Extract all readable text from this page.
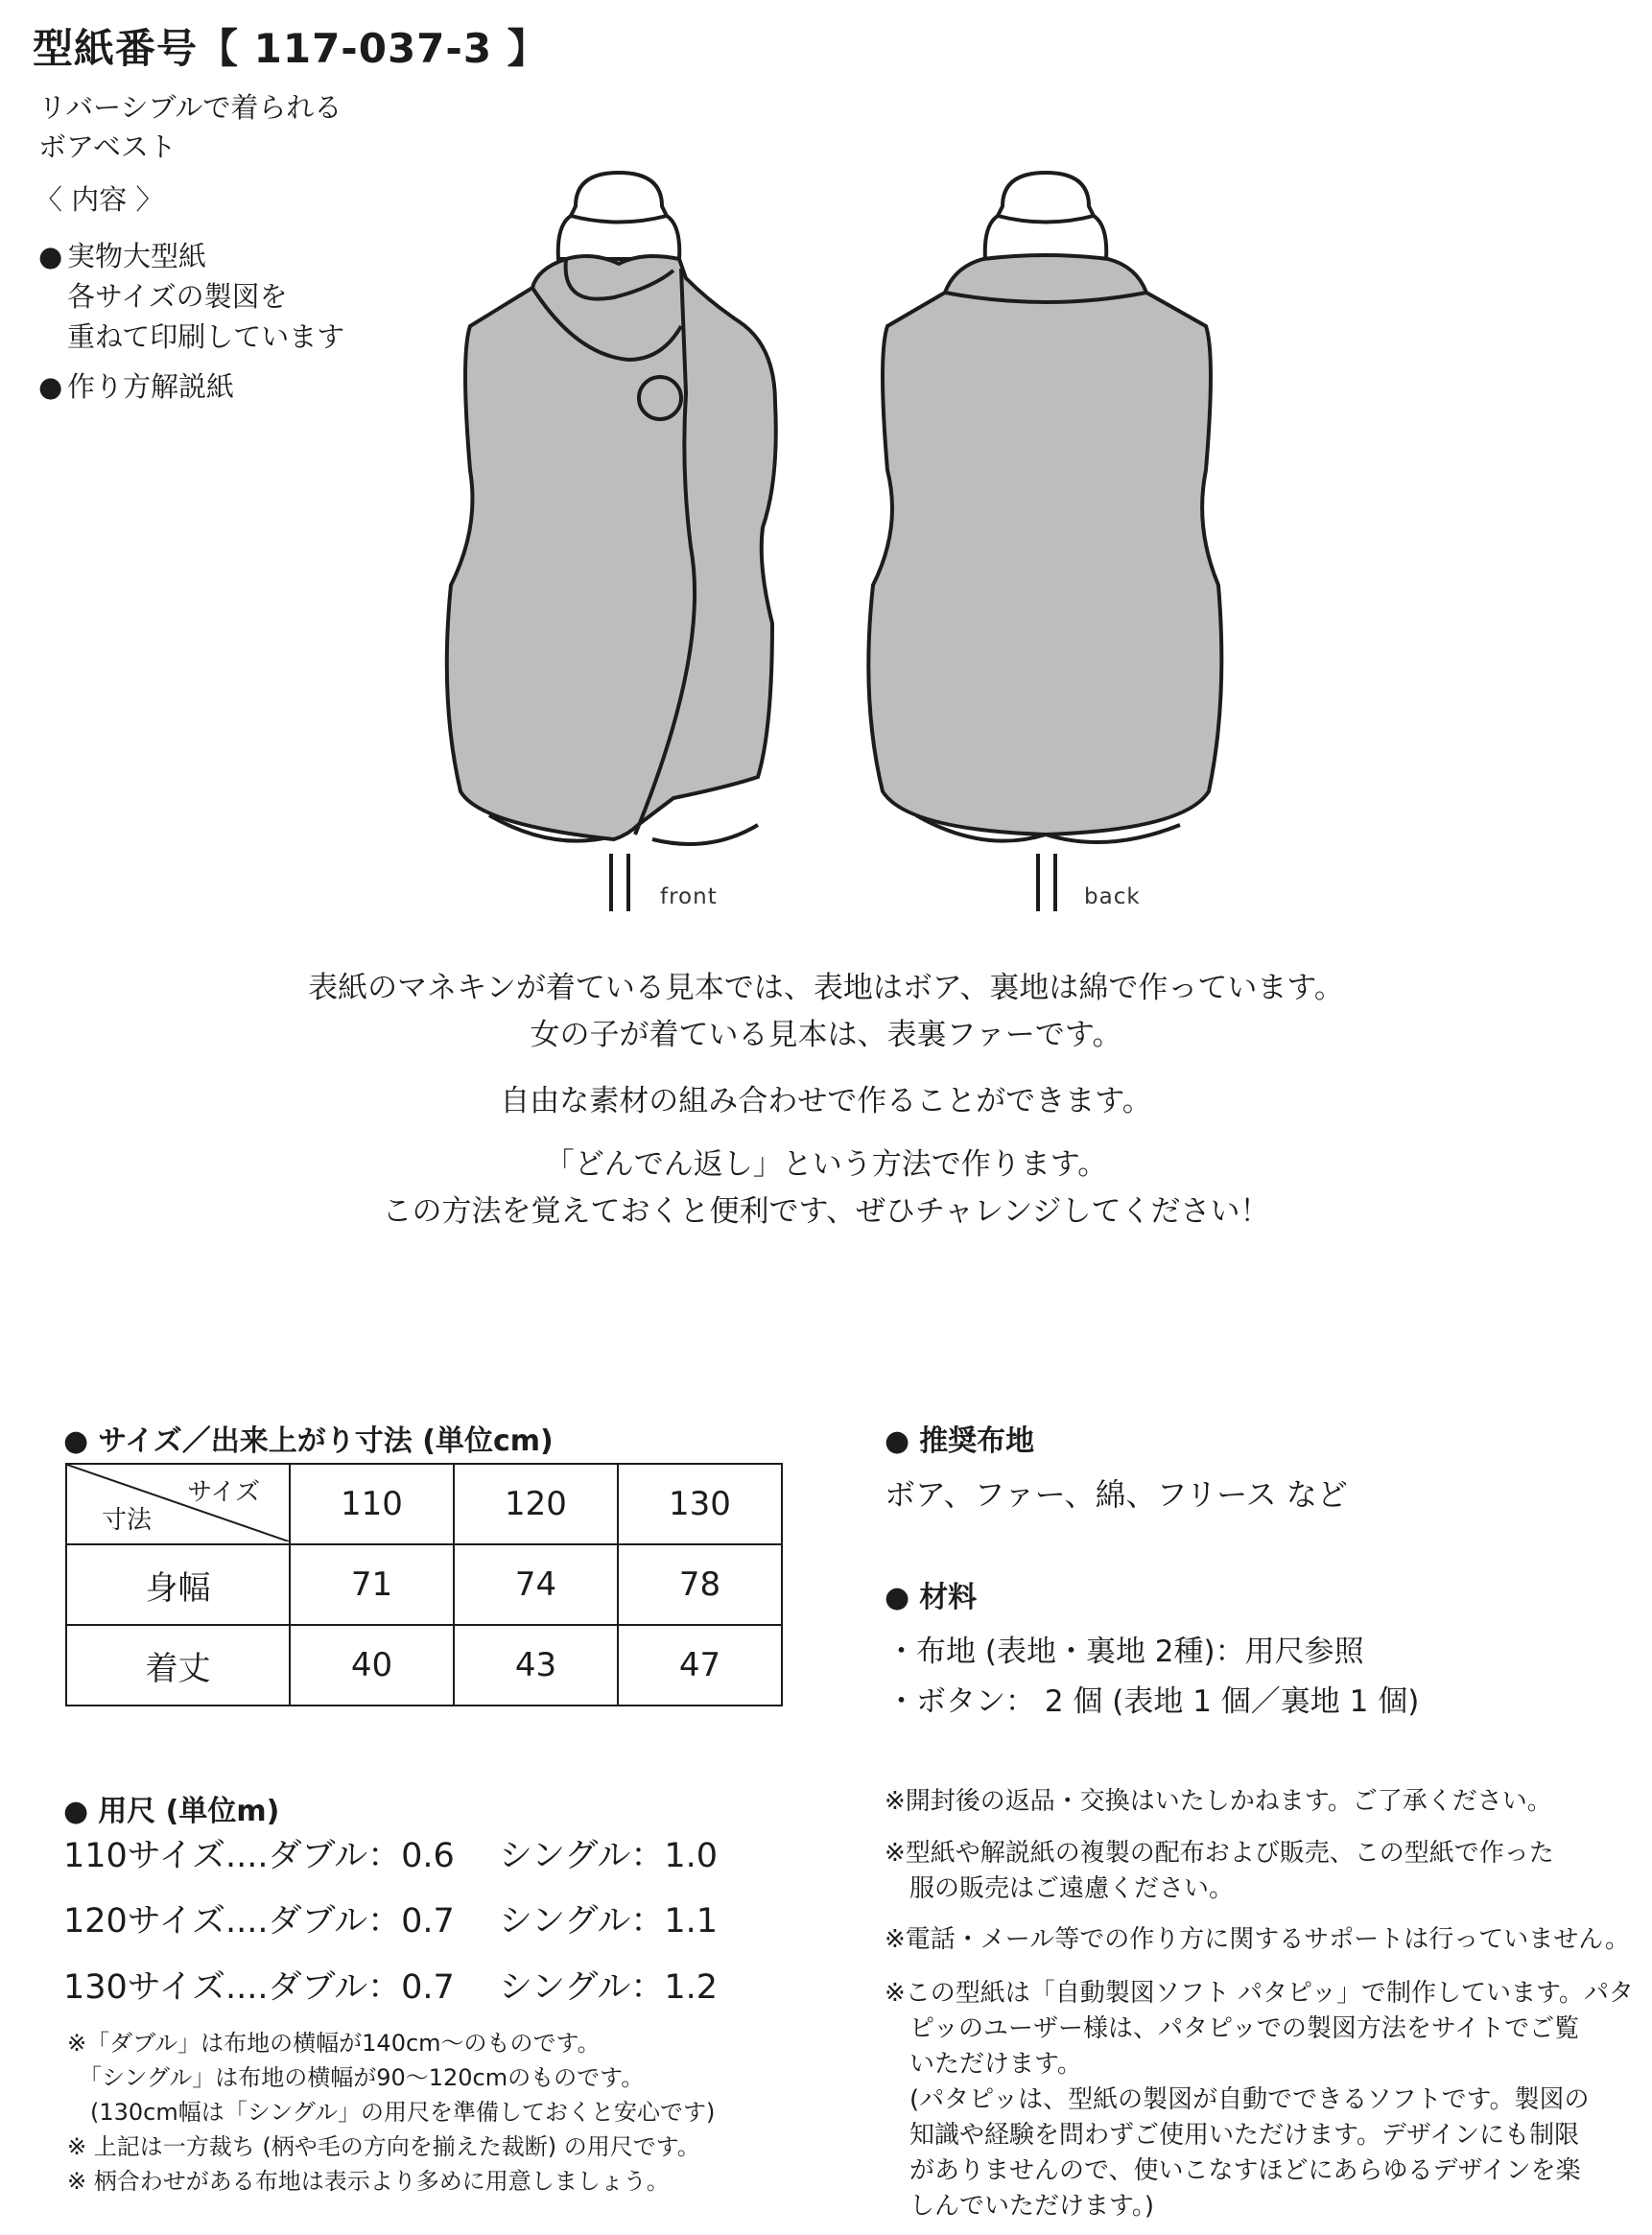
型紙番号【 117-037-3 】
リバーシブルで着られる
ボアベスト
〈 内容 〉
● 実物大型紙
各サイズの製図を
重ねて印刷しています
● 作り方解説紙
front	back
表紙のマネキンが着ている見本では、表地はボア、裏地は綿で作っています。
女の子が着ている見本は、表裏ファーです。
自由な素材の組み合わせで作ることができます。
「どんでん返し」という方法で作ります。
この方法を覚えておくと便利です、ぜひチャレンジしてください！
● サイズ／出来上がり寸法 (単位cm)
サイズ
寸法	110	120	130
身幅	71	74	78
着丈	40	43	47
● 用尺 (単位m)
110サイズ....ダブル：0.6 シングル：1.0
120サイズ....ダブル：0.7 シングル：1.1
130サイズ....ダブル：0.7 シングル：1.2
※「ダブル」は布地の横幅が140cm～のものです。
　「シングル」は布地の横幅が90～120cmのものです。
　(130cm幅は「シングル」の用尺を準備しておくと安心です)
※ 上記は一方裁ち (柄や毛の方向を揃えた裁断) の用尺です。
※ 柄合わせがある布地は表示より多めに用意しましょう。
● 推奨布地
ボア、ファー、綿、フリース など
● 材料
・布地 (表地・裏地 2種)：用尺参照
・ボタン： 2 個 (表地 1 個／裏地 1 個)
※開封後の返品・交換はいたしかねます。ご了承ください。
※型紙や解説紙の複製の配布および販売、この型紙で作った
　服の販売はご遠慮ください。
※電話・メール等での作り方に関するサポートは行っていません。
※この型紙は「自動製図ソフト パタピッ」で制作しています。パタ
　ピッのユーザー様は、パタピッでの製図方法をサイトでご覧
　いただけます。
　(パタピッは、型紙の製図が自動でできるソフトです。製図の
　知識や経験を問わずご使用いただけます。デザインにも制限
　がありませんので、使いこなすほどにあらゆるデザインを楽
　しんでいただけます。)
